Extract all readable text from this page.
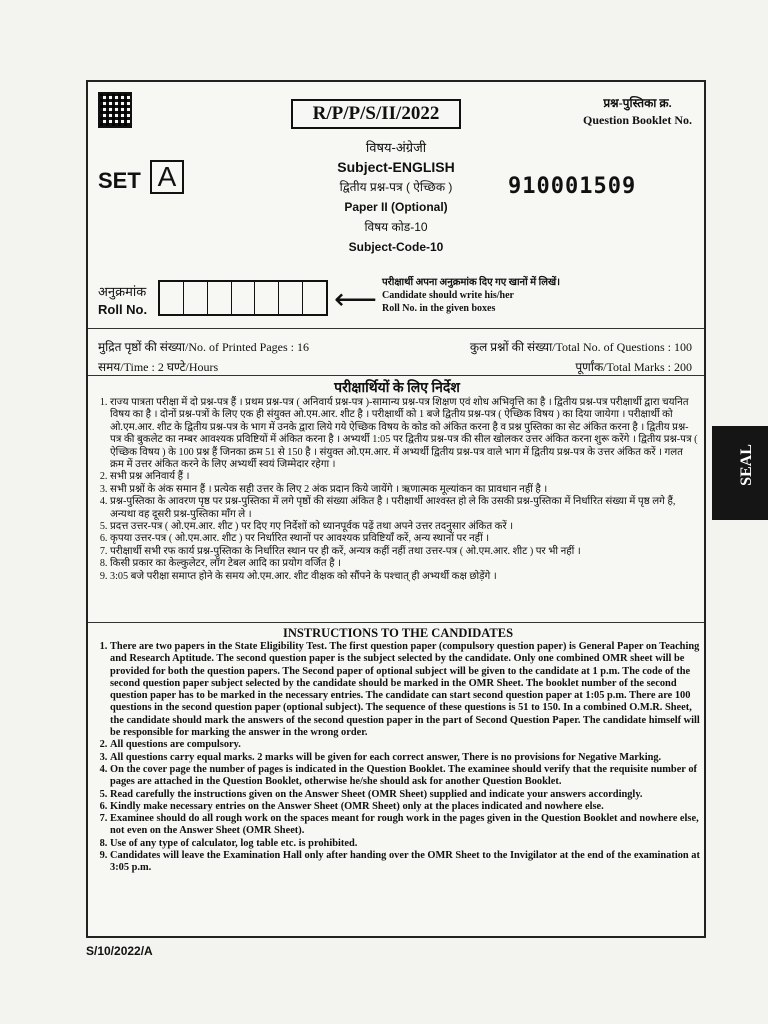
R/P/P/S/II/2022	प्रश्न-पुस्तिका क्र.
Question Booklet No.
विषय-अंग्रेजी
Subject-ENGLISH
द्वितीय प्रश्न-पत्र ( ऐच्छिक )
Paper II (Optional)
विषय कोड-10
Subject-Code-10
SET A	910001509
अनुक्रमांक
Roll No.	⟵
परीक्षार्थी अपना अनुक्रमांक दिए गए खानों में लिखें।
Candidate should write his/her
Roll No. in the given boxes
मुद्रित पृष्ठों की संख्या/No. of Printed Pages : 16	कुल प्रश्नों की संख्या/Total No. of Questions : 100
समय/Time : 2 घण्टे/Hours	पूर्णांक/Total Marks : 200
परीक्षार्थियों के लिए निर्देश
1. राज्य पात्रता परीक्षा में दो प्रश्न-पत्र हैं । प्रथम प्रश्न-पत्र ( अनिवार्य प्रश्न-पत्र )-सामान्य प्रश्न-पत्र शिक्षण एवं शोध अभिवृत्ति का है । द्वितीय प्रश्न-पत्र परीक्षार्थी द्वारा चयनित विषय का है । दोनों प्रश्न-पत्रों के लिए एक ही संयुक्त ओ.एम.आर. शीट है । परीक्षार्थी को 1 बजे द्वितीय प्रश्न-पत्र ( ऐच्छिक विषय ) का दिया जायेगा । परीक्षार्थी को ओ.एम.आर. शीट के द्वितीय प्रश्न-पत्र के भाग में उनके द्वारा लिये गये ऐच्छिक विषय के कोड को अंकित करना है व प्रश्न पुस्तिका का सेट अंकित करना है । द्वितीय प्रश्न-पत्र की बुकलेट का नम्बर आवश्यक प्रविष्टियों में अंकित करना है । अभ्यर्थी 1:05 पर द्वितीय प्रश्न-पत्र की सील खोलकर उत्तर अंकित करना शुरू करेंगे । द्वितीय प्रश्न-पत्र ( ऐच्छिक विषय ) के 100 प्रश्न हैं जिनका क्रम 51 से 150 है । संयुक्त ओ.एम.आर. में अभ्यर्थी द्वितीय प्रश्न-पत्र वाले भाग में द्वितीय प्रश्न-पत्र के उत्तर अंकित करें । गलत क्रम में उत्तर अंकित करने के लिए अभ्यर्थी स्वयं जिम्मेदार रहेगा ।
2. सभी प्रश्न अनिवार्य हैं ।
3. सभी प्रश्नों के अंक समान हैं । प्रत्येक सही उत्तर के लिए 2 अंक प्रदान किये जायेंगे । ऋणात्मक मूल्यांकन का प्रावधान नहीं है ।
4. प्रश्न-पुस्तिका के आवरण पृष्ठ पर प्रश्न-पुस्तिका में लगे पृष्ठों की संख्या अंकित है । परीक्षार्थी आश्वस्त हो ले कि उसकी प्रश्न-पुस्तिका में निर्धारित संख्या में पृष्ठ लगे हैं, अन्यथा वह दूसरी प्रश्न-पुस्तिका माँग ले ।
5. प्रदत्त उत्तर-पत्र ( ओ.एम.आर. शीट ) पर दिए गए निर्देशों को ध्यानपूर्वक पढ़ें तथा अपने उत्तर तदनुसार अंकित करें ।
6. कृपया उत्तर-पत्र ( ओ.एम.आर. शीट ) पर निर्धारित स्थानों पर आवश्यक प्रविष्टियाँ करें, अन्य स्थानों पर नहीं ।
7. परीक्षार्थी सभी रफ कार्य प्रश्न-पुस्तिका के निर्धारित स्थान पर ही करें, अन्यत्र कहीं नहीं तथा उत्तर-पत्र ( ओ.एम.आर. शीट ) पर भी नहीं ।
8. किसी प्रकार का केल्कुलेटर, लॉग टेबल आदि का प्रयोग वर्जित है ।
9. 3:05 बजे परीक्षा समाप्त होने के समय ओ.एम.आर. शीट वीक्षक को सौंपने के पश्चात् ही अभ्यर्थी कक्ष छोड़ेंगे ।
INSTRUCTIONS TO THE CANDIDATES
1. There are two papers in the State Eligibility Test. The first question paper (compulsory question paper) is General Paper on Teaching and Research Aptitude. The second question paper is the subject selected by the candidate. Only one combined OMR sheet will be provided for both the question papers. The Second paper of optional subject will be given to the candidate at 1 p.m. The code of the second question paper subject selected by the candidate should be marked in the OMR Sheet. The booklet number of the second question paper has to be marked in the necessary entries. The candidate can start second question paper at 1:05 p.m. There are 100 questions in the second question paper (optional subject). The sequence of these questions is 51 to 150. In a combined O.M.R. Sheet, the candidate should mark the answers of the second question paper in the part of Second Question Paper. The candidate himself will be responsible for marking the answer in the wrong order.
2. All questions are compulsory.
3. All questions carry equal marks. 2 marks will be given for each correct answer, There is no provisions for Negative Marking.
4. On the cover page the number of pages is indicated in the Question Booklet. The examinee should verify that the requisite number of pages are attached in the Question Booklet, otherwise he/she should ask for another Question Booklet.
5. Read carefully the instructions given on the Answer Sheet (OMR Sheet) supplied and indicate your answers accordingly.
6. Kindly make necessary entries on the Answer Sheet (OMR Sheet) only at the places indicated and nowhere else.
7. Examinee should do all rough work on the spaces meant for rough work in the pages given in the Question Booklet and nowhere else, not even on the Answer Sheet (OMR Sheet).
8. Use of any type of calculator, log table etc. is prohibited.
9. Candidates will leave the Examination Hall only after handing over the OMR Sheet to the Invigilator at the end of the examination at 3:05 p.m.
SEAL
S/10/2022/A
